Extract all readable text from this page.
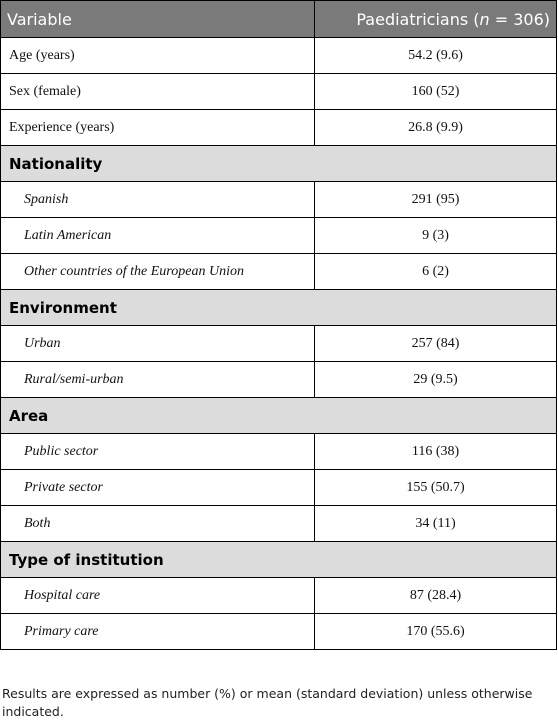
Variable	Paediatricians (n = 306)
Age (years)	54.2 (9.6)
Sex (female)	160 (52)
Experience (years)	26.8 (9.9)
Nationality	
Spanish	291 (95)
Latin American	9 (3)
Other countries of the European Union	6 (2)
Environment	
Urban	257 (84)
Rural/semi-urban	29 (9.5)
Area	
Public sector	116 (38)
Private sector	155 (50.7)
Both	34 (11)
Type of institution	
Hospital care	87 (28.4)
Primary care	170 (55.6)
Results are expressed as number (%) or mean (standard deviation) unless otherwise indicated.
